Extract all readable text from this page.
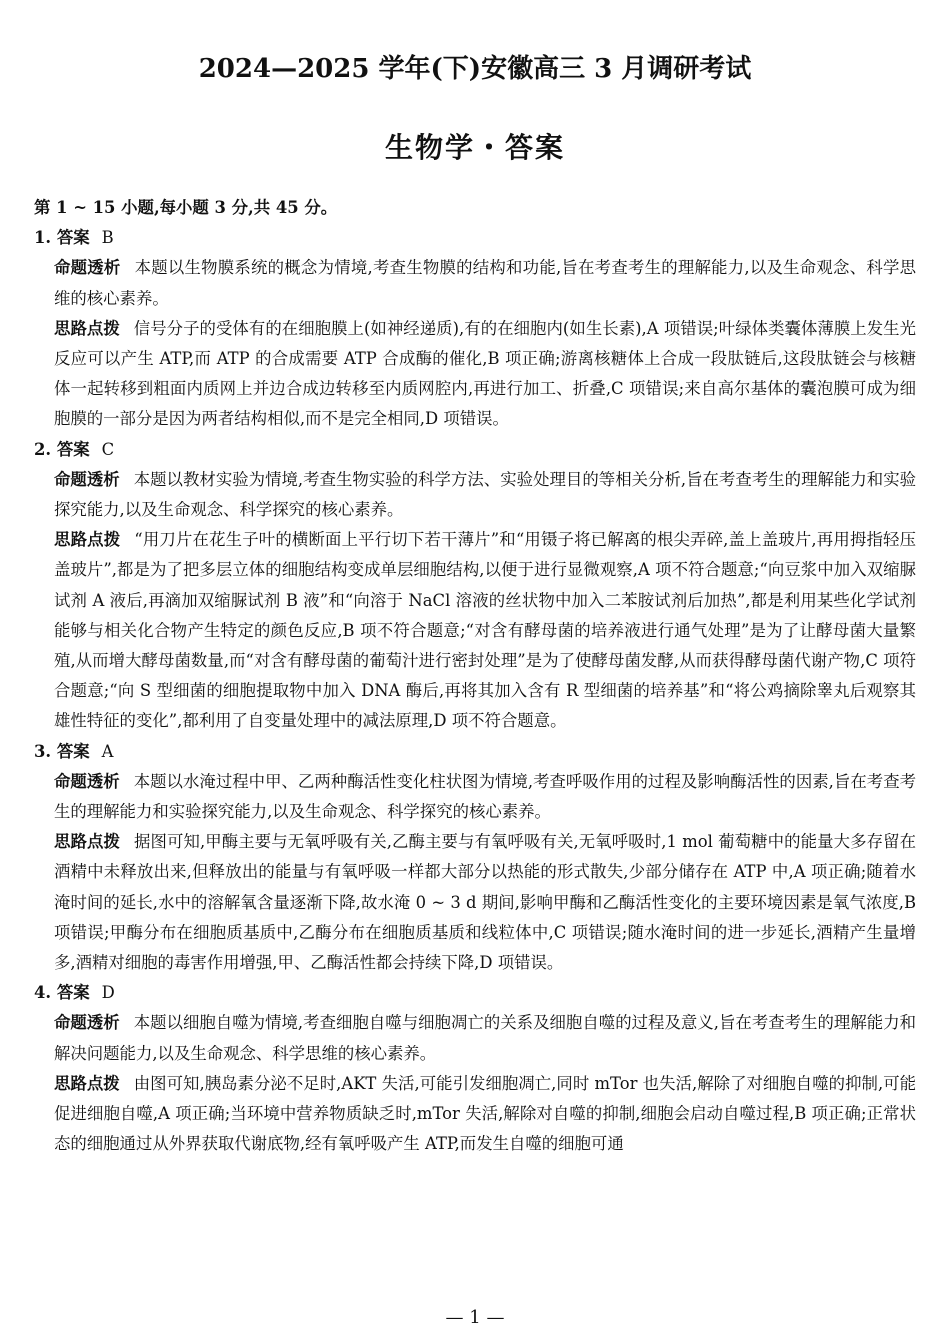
2024—2025 学年(下)安徽高三 3 月调研考试
生物学・答案

第 1 ~ 15 小题,每小题 3 分,共 45 分。

1. 答案 B

命题透析 本题以生物膜系统的概念为情境,考查生物膜的结构和功能,旨在考查考生的理解能力,以及生命观念、科学思维的核心素养。

思路点拨 信号分子的受体有的在细胞膜上(如神经递质),有的在细胞内(如生长素),A 项错误;叶绿体类囊体薄膜上发生光反应可以产生 ATP,而 ATP 的合成需要 ATP 合成酶的催化,B 项正确;游离核糖体上合成一段肽链后,这段肽链会与核糖体一起转移到粗面内质网上并边合成边转移至内质网腔内,再进行加工、折叠,C 项错误;来自高尔基体的囊泡膜可成为细胞膜的一部分是因为两者结构相似,而不是完全相同,D 项错误。

2. 答案 C

命题透析 本题以教材实验为情境,考查生物实验的科学方法、实验处理目的等相关分析,旨在考查考生的理解能力和实验探究能力,以及生命观念、科学探究的核心素养。

思路点拨 “用刀片在花生子叶的横断面上平行切下若干薄片”和“用镊子将已解离的根尖弄碎,盖上盖玻片,再用拇指轻压盖玻片”,都是为了把多层立体的细胞结构变成单层细胞结构,以便于进行显微观察,A 项不符合题意;“向豆浆中加入双缩脲试剂 A 液后,再滴加双缩脲试剂 B 液”和“向溶于 NaCl 溶液的丝状物中加入二苯胺试剂后加热”,都是利用某些化学试剂能够与相关化合物产生特定的颜色反应,B 项不符合题意;“对含有酵母菌的培养液进行通气处理”是为了让酵母菌大量繁殖,从而增大酵母菌数量,而“对含有酵母菌的葡萄汁进行密封处理”是为了使酵母菌发酵,从而获得酵母菌代谢产物,C 项符合题意;“向 S 型细菌的细胞提取物中加入 DNA 酶后,再将其加入含有 R 型细菌的培养基”和“将公鸡摘除睾丸后观察其雄性特征的变化”,都利用了自变量处理中的减法原理,D 项不符合题意。

3. 答案 A

命题透析 本题以水淹过程中甲、乙两种酶活性变化柱状图为情境,考查呼吸作用的过程及影响酶活性的因素,旨在考查考生的理解能力和实验探究能力,以及生命观念、科学探究的核心素养。

思路点拨 据图可知,甲酶主要与无氧呼吸有关,乙酶主要与有氧呼吸有关,无氧呼吸时,1 mol 葡萄糖中的能量大多存留在酒精中未释放出来,但释放出的能量与有氧呼吸一样都大部分以热能的形式散失,少部分储存在 ATP 中,A 项正确;随着水淹时间的延长,水中的溶解氧含量逐渐下降,故水淹 0 ~ 3 d 期间,影响甲酶和乙酶活性变化的主要环境因素是氧气浓度,B 项错误;甲酶分布在细胞质基质中,乙酶分布在细胞质基质和线粒体中,C 项错误;随水淹时间的进一步延长,酒精产生量增多,酒精对细胞的毒害作用增强,甲、乙酶活性都会持续下降,D 项错误。

4. 答案 D

命题透析 本题以细胞自噬为情境,考查细胞自噬与细胞凋亡的关系及细胞自噬的过程及意义,旨在考查考生的理解能力和解决问题能力,以及生命观念、科学思维的核心素养。

思路点拨 由图可知,胰岛素分泌不足时,AKT 失活,可能引发细胞凋亡,同时 mTor 也失活,解除了对细胞自噬的抑制,可能促进细胞自噬,A 项正确;当环境中营养物质缺乏时,mTor 失活,解除对自噬的抑制,细胞会启动自噬过程,B 项正确;正常状态的细胞通过从外界获取代谢底物,经有氧呼吸产生 ATP,而发生自噬的细胞可通

— 1 —
